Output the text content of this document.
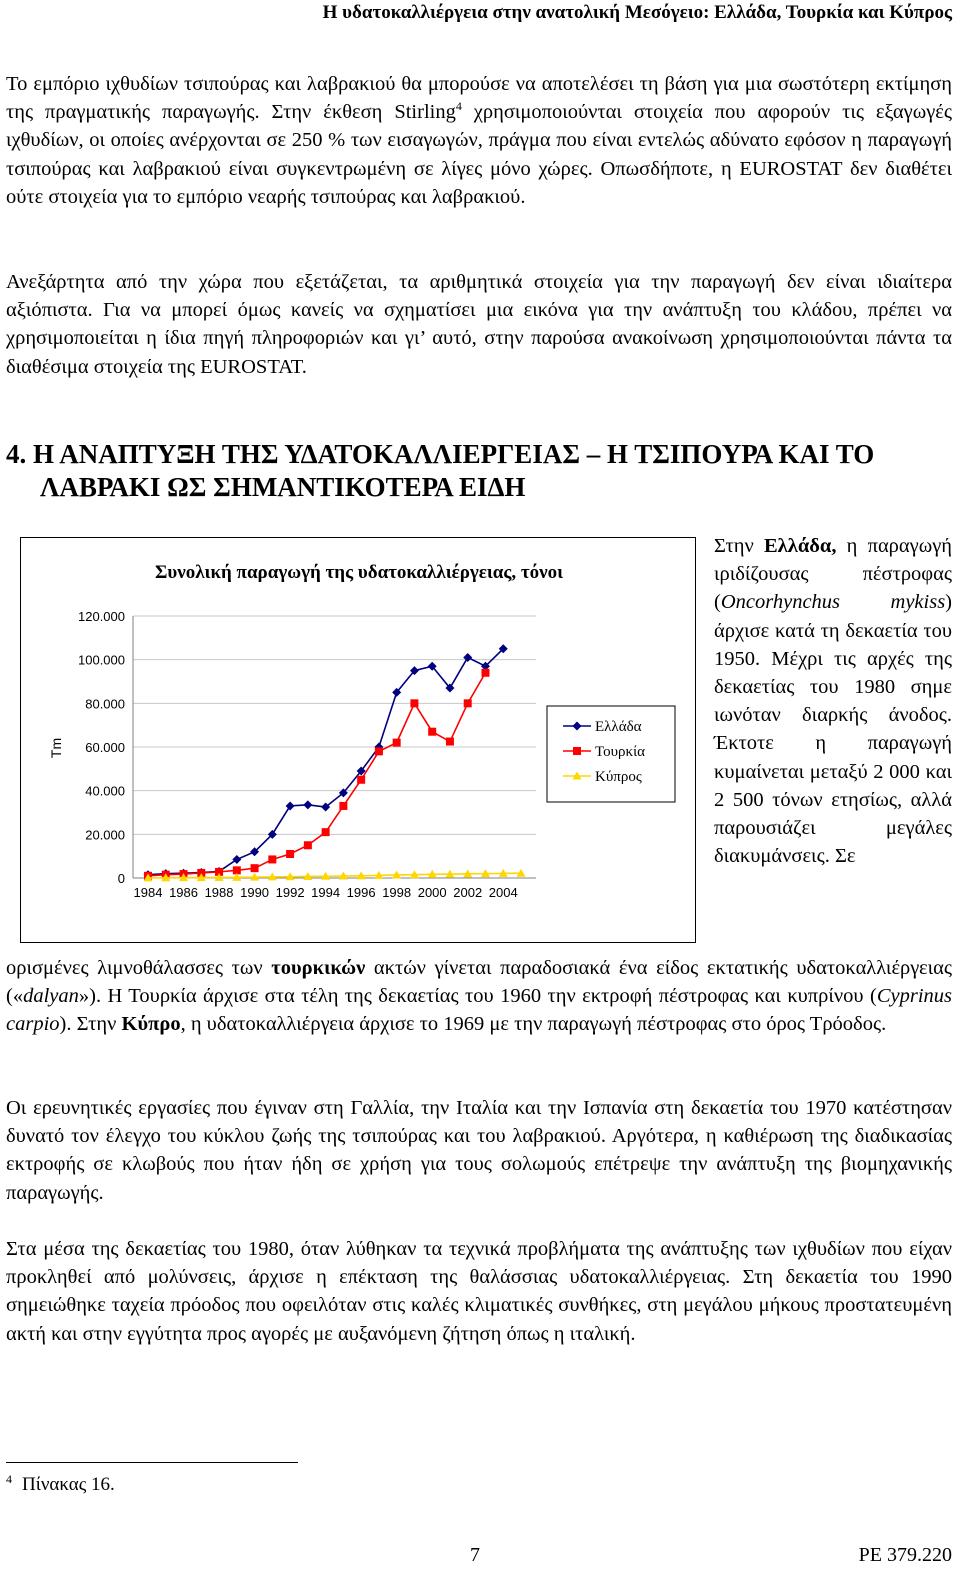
Η υδατοκαλλιέργεια στην ανατολική Μεσόγειο: Ελλάδα, Τουρκία και Κύπρος

Το εμπόριο ιχθυδίων τσιπούρας και λαβρακιού θα μπορούσε να αποτελέσει τη βάση για μια σωστότερη εκτίμηση της πραγματικής παραγωγής. Στην έκθεση Stirling$^4$ χρησιμοποιούνται στοιχεία που αφορούν τις εξαγωγές ιχθυδίων, οι οποίες ανέρχονται σε 250 % των εισαγωγών, πράγμα που είναι εντελώς αδύνατο εφόσον η παραγωγή τσιπούρας και λαβρακιού είναι συγκεντρωμένη σε λίγες μόνο χώρες. Οπωσδήποτε, η EUROSTAT δεν διαθέτει ούτε στοιχεία για το εμπόριο νεαρής τσιπούρας και λαβρακιού.

Ανεξάρτητα από την χώρα που εξετάζεται, τα αριθμητικά στοιχεία για την παραγωγή δεν είναι ιδιαίτερα αξιόπιστα. Για να μπορεί όμως κανείς να σχηματίσει μια εικόνα για την ανάπτυξη του κλάδου, πρέπει να χρησιμοποιείται η ίδια πηγή πληροφοριών και γι’ αυτό, στην παρούσα ανακοίνωση χρησιμοποιούνται πάντα τα διαθέσιμα στοιχεία της EUROSTAT.

4. Η ΑΝΑΠΤΥΞΗ ΤΗΣ ΥΔΑΤΟΚΑΛΛΙΕΡΓΕΙΑΣ – Η ΤΣΙΠΟΥΡΑ ΚΑΙ ΤΟ
ΛΑΒΡΑΚΙ ΩΣ ΣΗΜΑΝΤΙΚΟΤΕΡΑ ΕΙΔΗ
Συνολική παραγωγή της υδατοκαλλιέργειας, τόνοι
Tm
0
20.000
40.000
60.000
80.000
100.000
120.000
1984 1986 1988 1990 1992 1994 1996 1998 2000 2002 2004
Ελλάδα
Τουρκία
Κύπρος

Στην Ελλάδα, η παραγωγή ιριδίζουσας πέστροφας (Oncorhynchus mykiss) άρχισε κατά τη δεκαετία του 1950. Μέχρι τις αρχές της δεκαετίας του 1980 σημε ιωνόταν διαρκής άνοδος. Έκτοτε η παραγωγή κυμαίνεται μεταξύ 2 000 και 2 500 τόνων ετησίως, αλλά παρουσιάζει μεγάλες διακυμάνσεις. Σε

ορισμένες λιμνοθάλασσες των τουρκικών ακτών γίνεται παραδοσιακά ένα είδος εκτατικής υδατοκαλλιέργειας («dalyan»). Η Τουρκία άρχισε στα τέλη της δεκαετίας του 1960 την εκτροφή πέστροφας και κυπρίνου (Cyprinus carpio). Στην Κύπρο, η υδατοκαλλιέργεια άρχισε το 1969 με την παραγωγή πέστροφας στο όρος Τρόοδος.

Οι ερευνητικές εργασίες που έγιναν στη Γαλλία, την Ιταλία και την Ισπανία στη δεκαετία του 1970 κατέστησαν δυνατό τον έλεγχο του κύκλου ζωής της τσιπούρας και του λαβρακιού. Αργότερα, η καθιέρωση της διαδικασίας εκτροφής σε κλωβούς που ήταν ήδη σε χρήση για τους σολωμούς επέτρεψε την ανάπτυξη της βιομηχανικής παραγωγής.

Στα μέσα της δεκαετίας του 1980, όταν λύθηκαν τα τεχνικά προβλήματα της ανάπτυξης των ιχθυδίων που είχαν προκληθεί από μολύνσεις, άρχισε η επέκταση της θαλάσσιας υδατοκαλλιέργειας. Στη δεκαετία του 1990 σημειώθηκε ταχεία πρόοδος που οφειλόταν στις καλές κλιματικές συνθήκες, στη μεγάλου μήκους προστατευμένη ακτή και στην εγγύτητα προς αγορές με αυξανόμενη ζήτηση όπως η ιταλική.

$^4$ Πίνακας 16.
7	PE 379.220
